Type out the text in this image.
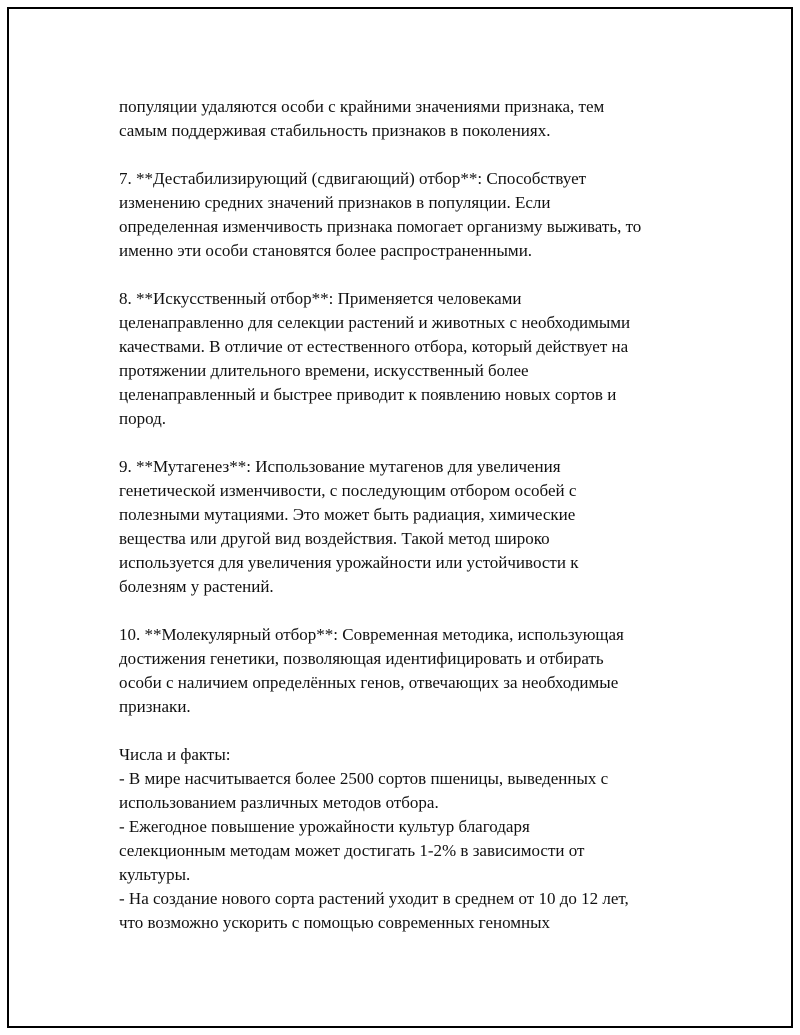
популяции удаляются особи с крайними значениями признака, тем
самым поддерживая стабильность признаков в поколениях.

7. **Дестабилизирующий (сдвигающий) отбор**: Способствует
изменению средних значений признаков в популяции. Если
определенная изменчивость признака помогает организму выживать, то
именно эти особи становятся более распространенными.

8. **Искусственный отбор**: Применяется человеками
целенаправленно для селекции растений и животных с необходимыми
качествами. В отличие от естественного отбора, который действует на
протяжении длительного времени, искусственный более
целенаправленный и быстрее приводит к появлению новых сортов и
пород.

9. **Мутагенез**: Использование мутагенов для увеличения
генетической изменчивости, с последующим отбором особей с
полезными мутациями. Это может быть радиация, химические
вещества или другой вид воздействия. Такой метод широко
используется для увеличения урожайности или устойчивости к
болезням у растений.

10. **Молекулярный отбор**: Современная методика, использующая
достижения генетики, позволяющая идентифицировать и отбирать
особи с наличием определённых генов, отвечающих за необходимые
признаки.

Числа и факты:
- В мире насчитывается более 2500 сортов пшеницы, выведенных с
использованием различных методов отбора.
- Ежегодное повышение урожайности культур благодаря
селекционным методам может достигать 1-2% в зависимости от
культуры.
- На создание нового сорта растений уходит в среднем от 10 до 12 лет,
что возможно ускорить с помощью современных геномных
